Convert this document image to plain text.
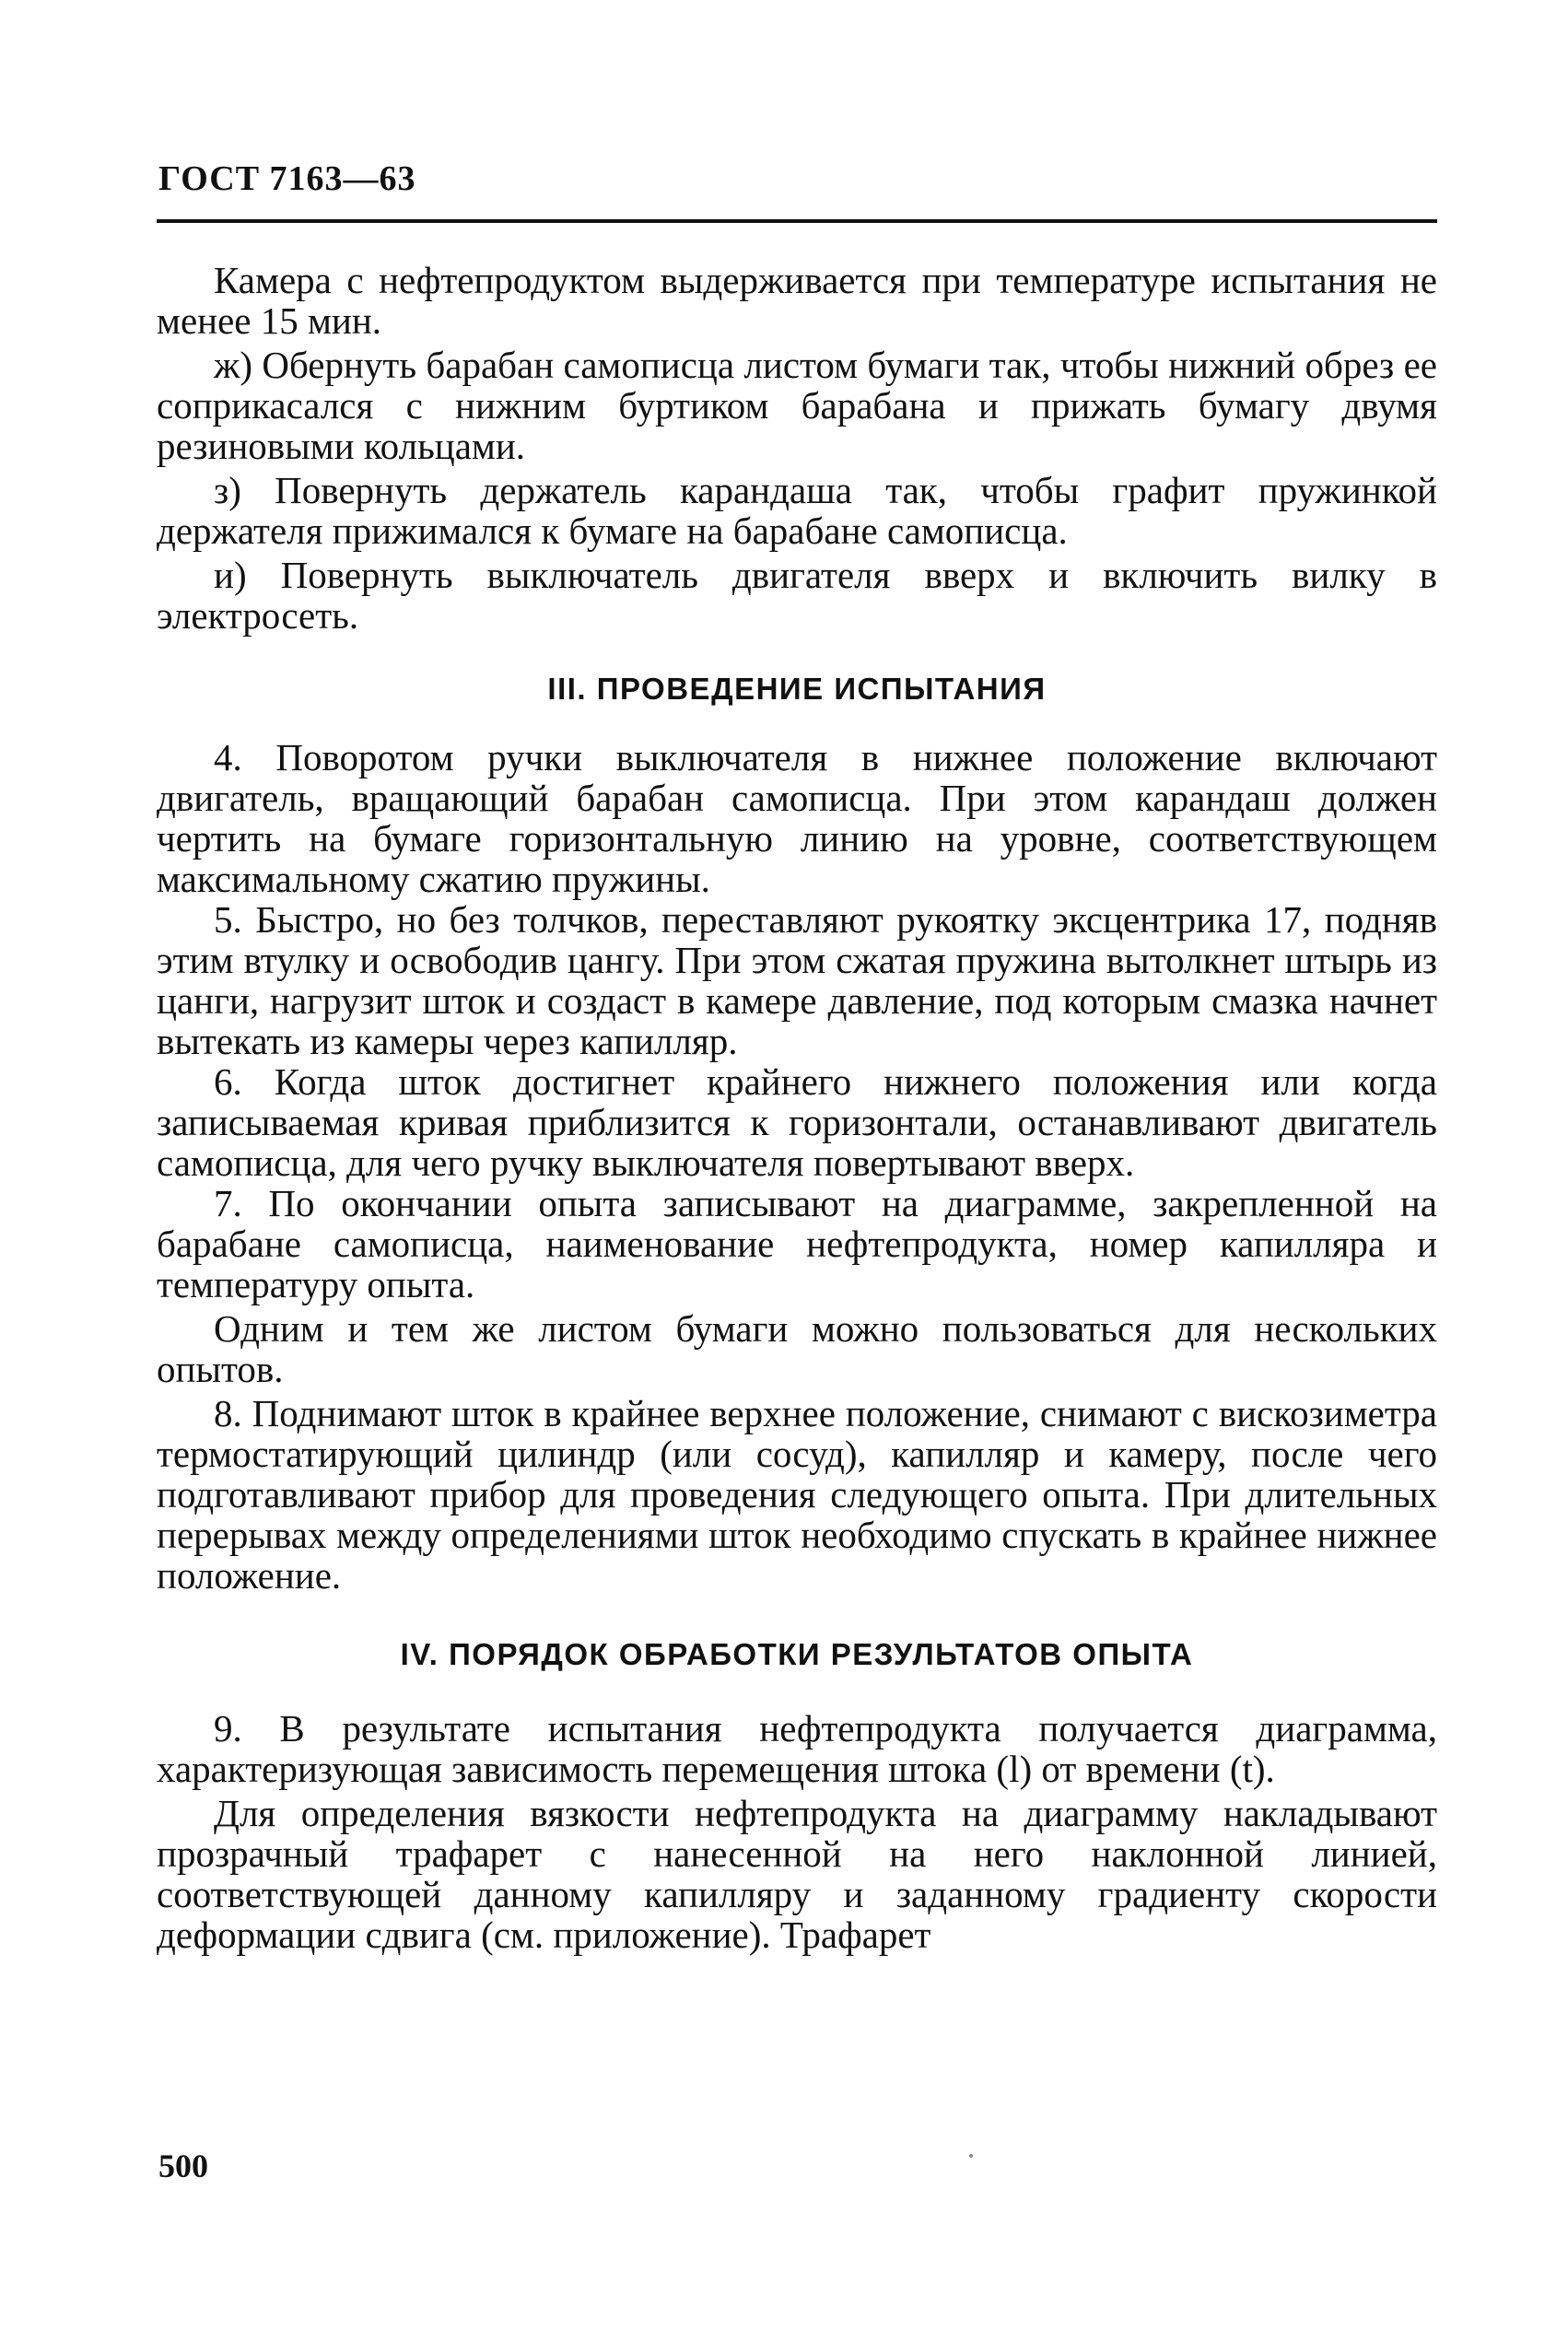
ГОСТ 7163—63

Камера с нефтепродуктом выдерживается при температуре испытания не менее 15 мин.

ж) Обернуть барабан самописца листом бумаги так, чтобы нижний обрез ее соприкасался с нижним буртиком барабана и прижать бумагу двумя резиновыми кольцами.

з) Повернуть держатель карандаша так, чтобы графит пружинкой держателя прижимался к бумаге на барабане самописца.

и) Повернуть выключатель двигателя вверх и включить вилку в электросеть.

III. ПРОВЕДЕНИЕ ИСПЫТАНИЯ

4. Поворотом ручки выключателя в нижнее положение включают двигатель, вращающий барабан самописца. При этом карандаш должен чертить на бумаге горизонтальную линию на уровне, соответствующем максимальному сжатию пружины.

5. Быстро, но без толчков, переставляют рукоятку эксцентрика 17, подняв этим втулку и освободив цангу. При этом сжатая пружина вытолкнет штырь из цанги, нагрузит шток и создаст в камере давление, под которым смазка начнет вытекать из камеры через капилляр.

6. Когда шток достигнет крайнего нижнего положения или когда записываемая кривая приблизится к горизонтали, останавливают двигатель самописца, для чего ручку выключателя повертывают вверх.

7. По окончании опыта записывают на диаграмме, закрепленной на барабане самописца, наименование нефтепродукта, номер капилляра и температуру опыта.

Одним и тем же листом бумаги можно пользоваться для нескольких опытов.

8. Поднимают шток в крайнее верхнее положение, снимают с вискозиметра термостатирующий цилиндр (или сосуд), капилляр и камеру, после чего подготавливают прибор для проведения следующего опыта. При длительных перерывах между определениями шток необходимо спускать в крайнее нижнее положение.

IV. ПОРЯДОК ОБРАБОТКИ РЕЗУЛЬТАТОВ ОПЫТА

9. В результате испытания нефтепродукта получается диаграмма, характеризующая зависимость перемещения штока (l) от времени (t).

Для определения вязкости нефтепродукта на диаграмму накладывают прозрачный трафарет с нанесенной на него наклонной линией, соответствующей данному капилляру и заданному градиенту скорости деформации сдвига (см. приложение). Трафарет

500
